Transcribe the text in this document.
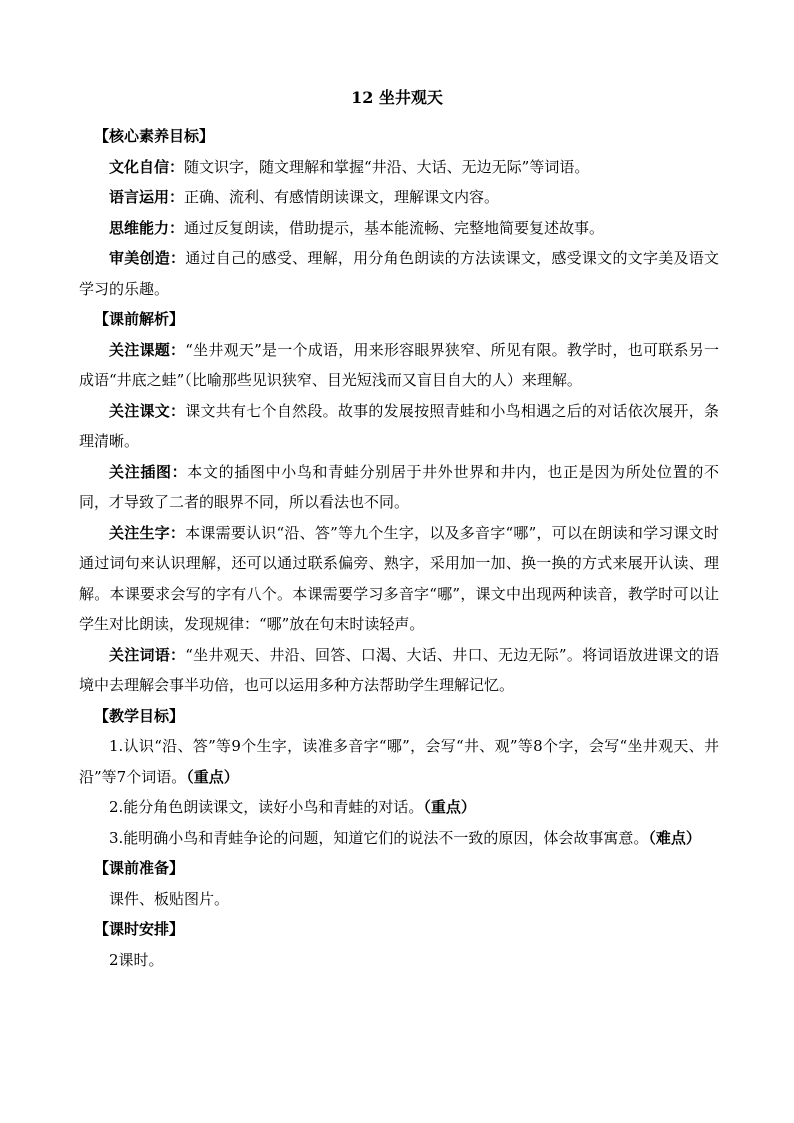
12 坐井观天

【核心素养目标】

文化自信：随文识字，随文理解和掌握“井沿、大话、无边无际”等词语。

语言运用：正确、流利、有感情朗读课文，理解课文内容。

思维能力：通过反复朗读，借助提示，基本能流畅、完整地简要复述故事。

审美创造：通过自己的感受、理解，用分角色朗读的方法读课文，感受课文的文字美及语文学习的乐趣。

【课前解析】

关注课题：“坐井观天”是一个成语，用来形容眼界狭窄、所见有限。教学时，也可联系另一成语“井底之蛙”（比喻那些见识狭窄、目光短浅而又盲目自大的人）来理解。

关注课文：课文共有七个自然段。故事的发展按照青蛙和小鸟相遇之后的对话依次展开，条理清晰。

关注插图：本文的插图中小鸟和青蛙分别居于井外世界和井内，也正是因为所处位置的不同，才导致了二者的眼界不同，所以看法也不同。

关注生字：本课需要认识“沿、答”等九个生字，以及多音字“哪”，可以在朗读和学习课文时通过词句来认识理解，还可以通过联系偏旁、熟字，采用加一加、换一换的方式来展开认读、理解。本课要求会写的字有八个。本课需要学习多音字“哪”，课文中出现两种读音，教学时可以让学生对比朗读，发现规律：“哪”放在句末时读轻声。

关注词语：“坐井观天、井沿、回答、口渴、大话、井口、无边无际”。将词语放进课文的语境中去理解会事半功倍，也可以运用多种方法帮助学生理解记忆。

【教学目标】

1.认识“沿、答”等9个生字，读准多音字“哪”，会写“井、观”等8个字，会写“坐井观天、井沿”等7个词语。（重点）

2.能分角色朗读课文，读好小鸟和青蛙的对话。（重点）

3.能明确小鸟和青蛙争论的问题，知道它们的说法不一致的原因，体会故事寓意。（难点）

【课前准备】

课件、板贴图片。

【课时安排】

2课时。
